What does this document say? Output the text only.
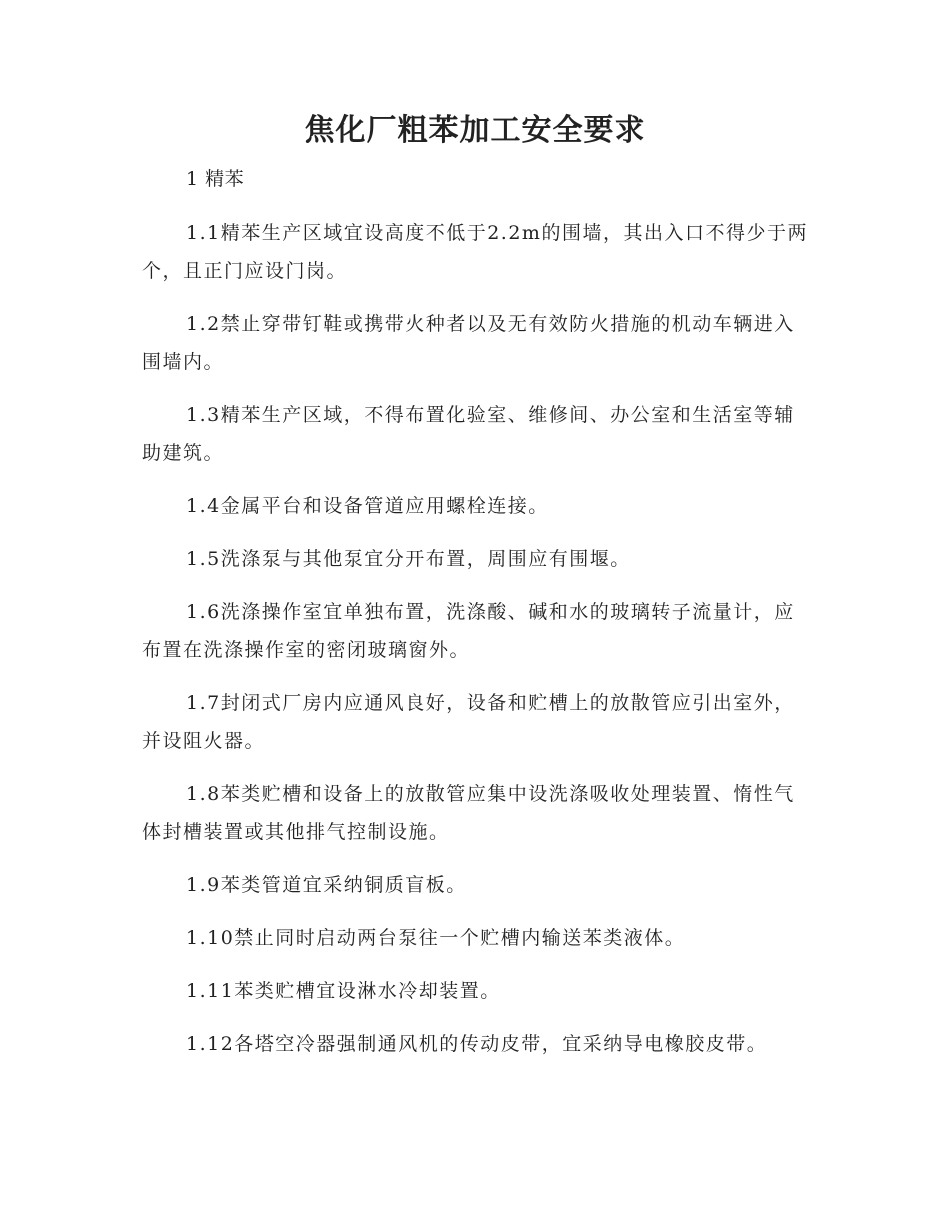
焦化厂粗苯加工安全要求

1 精苯

1.1精苯生产区域宜设高度不低于2.2m的围墙，其出入口不得少于两个，且正门应设门岗。

1.2禁止穿带钉鞋或携带火种者以及无有效防火措施的机动车辆进入围墙内。

1.3精苯生产区域，不得布置化验室、维修间、办公室和生活室等辅助建筑。

1.4金属平台和设备管道应用螺栓连接。

1.5洗涤泵与其他泵宜分开布置，周围应有围堰。

1.6洗涤操作室宜单独布置，洗涤酸、碱和水的玻璃转子流量计，应布置在洗涤操作室的密闭玻璃窗外。

1.7封闭式厂房内应通风良好，设备和贮槽上的放散管应引出室外，并设阻火器。

1.8苯类贮槽和设备上的放散管应集中设洗涤吸收处理装置、惰性气体封槽装置或其他排气控制设施。

1.9苯类管道宜采纳铜质盲板。

1.10禁止同时启动两台泵往一个贮槽内输送苯类液体。

1.11苯类贮槽宜设淋水冷却装置。

1.12各塔空冷器强制通风机的传动皮带，宜采纳导电橡胶皮带。
